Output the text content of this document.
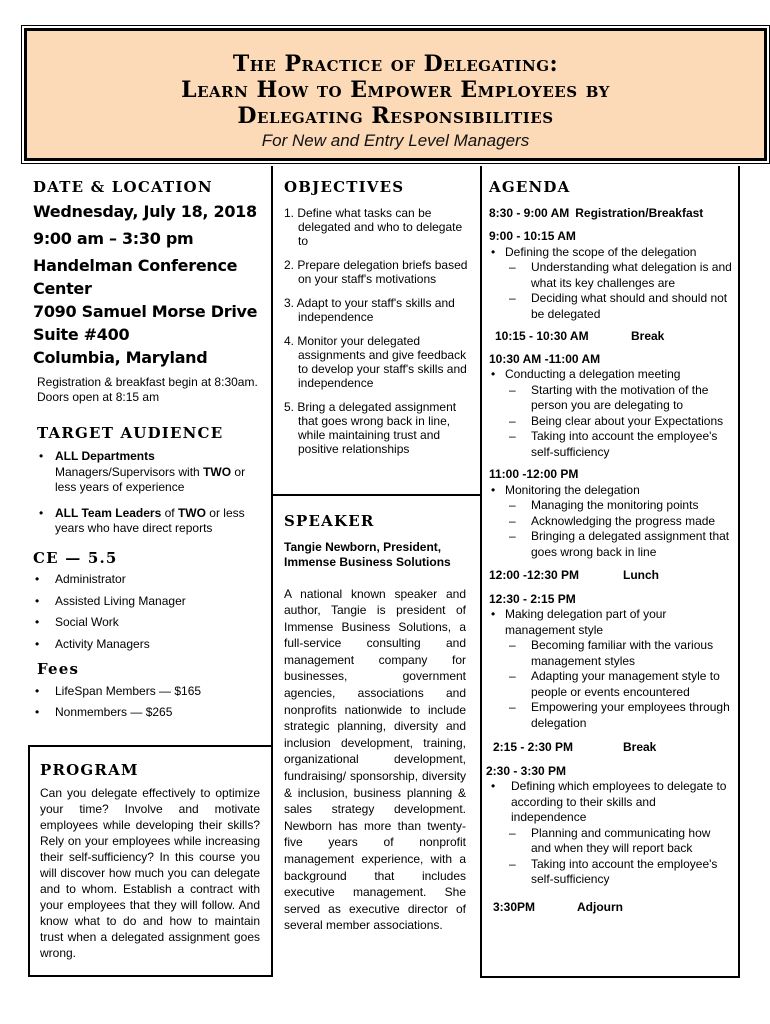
The Practice of Delegating:
Learn How to Empower Employees by
Delegating Responsibilities
For New and Entry Level Managers
DATE & LOCATION
Wednesday, July 18, 2018
9:00 am – 3:30 pm
Handelman Conference Center
7090 Samuel Morse Drive
Suite #400
Columbia, Maryland
Registration & breakfast begin at 8:30am.
Doors open at 8:15 am
TARGET AUDIENCE
• ALL Departments Managers/Supervisors with TWO or less years of experience
• ALL Team Leaders of TWO or less years who have direct reports
CE — 5.5
• Administrator
• Assisted Living Manager
• Social Work
• Activity Managers
Fees
• LifeSpan Members — $165
• Nonmembers — $265
PROGRAM
Can you delegate effectively to optimize your time? Involve and motivate employees while developing their skills? Rely on your employees while increasing their self-sufficiency? In this course you will discover how much you can delegate and to whom. Establish a contract with your employees that they will follow. And know what to do and how to maintain trust when a delegated assignment goes wrong.
OBJECTIVES

1. Define what tasks can be delegated and who to delegate to

2. Prepare delegation briefs based on your staff's motivations

3. Adapt to your staff's skills and independence

4. Monitor your delegated assignments and give feedback to develop your staff's skills and independence

5. Bring a delegated assignment that goes wrong back in line, while maintaining trust and positive relationships

SPEAKER
Tangie Newborn, President, Immense Business Solutions
A national known speaker and author, Tangie is president of Immense Business Solutions, a full-service consulting and management company for businesses, government agencies, associations and nonprofits nationwide to include strategic planning, diversity and inclusion development, training, organizational development, fundraising/ sponsorship, diversity & inclusion, business planning & sales strategy development. Newborn has more than twenty-five years of nonprofit management experience, with a background that includes executive management. She served as executive director of several member associations.
AGENDA
8:30 - 9:00 AM Registration/Breakfast
9:00 - 10:15 AM
• Defining the scope of the delegation
– Understanding what delegation is and what its key challenges are
– Deciding what should and should not be delegated
10:15 - 10:30 AM	Break
10:30 AM -11:00 AM
• Conducting a delegation meeting
– Starting with the motivation of the person you are delegating to
– Being clear about your Expectations
– Taking into account the employee's self-sufficiency
11:00 -12:00 PM
• Monitoring the delegation
– Managing the monitoring points
– Acknowledging the progress made
– Bringing a delegated assignment that goes wrong back in line
12:00 -12:30 PM	Lunch
12:30 - 2:15 PM
• Making delegation part of your management style
– Becoming familiar with the various management styles
– Adapting your management style to people or events encountered
– Empowering your employees through delegation
2:15 - 2:30 PM	Break
2:30 - 3:30 PM
• Defining which employees to delegate to according to their skills and independence
– Planning and communicating how and when they will report back
– Taking into account the employee's self-sufficiency
3:30PM	Adjourn
